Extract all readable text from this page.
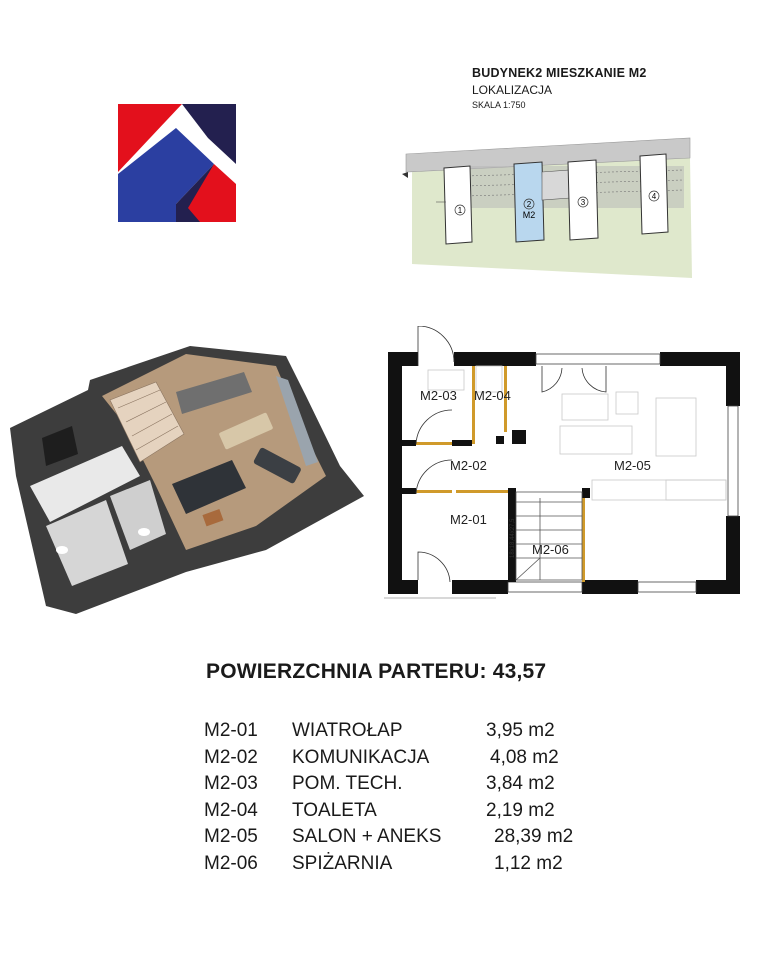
BUDYNEK2 MIESZKANIE M2
LOKALIZACJA
SKALA 1:750
1
2
M2
3
4
18x18,44x27,5
M2-03 M2-04
M2-02	M2-05
M2-01
M2-06
POWIERZCHNIA PARTERU: 43,57
M2-01 WIATROŁAP	3,95 m2
M2-02 KOMUNIKACJA	4,08 m2
M2-03 POM. TECH.	3,84 m2
M2-04 TOALETA	2,19 m2
M2-05 SALON + ANEKS	28,39 m2
M2-06 SPIŻARNIA	1,12 m2
